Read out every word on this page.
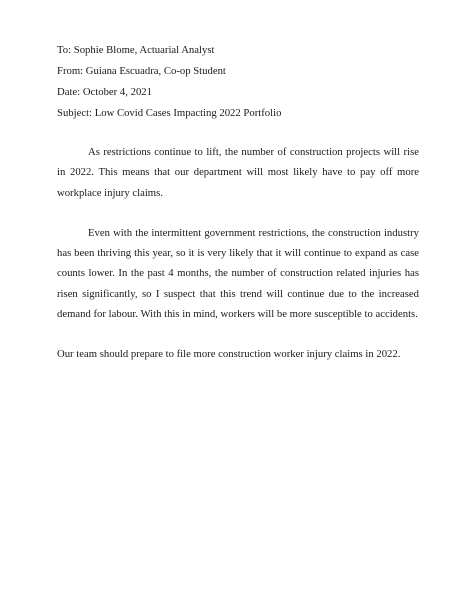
To: Sophie Blome, Actuarial Analyst

From: Guiana Escuadra, Co-op Student

Date: October 4, 2021

Subject: Low Covid Cases Impacting 2022 Portfolio

As restrictions continue to lift, the number of construction projects will rise in 2022. This means that our department will most likely have to pay off more workplace injury claims.

Even with the intermittent government restrictions, the construction industry has been thriving this year, so it is very likely that it will continue to expand as case counts lower. In the past 4 months, the number of construction related injuries has risen significantly, so I suspect that this trend will continue due to the increased demand for labour. With this in mind, workers will be more susceptible to accidents.

Our team should prepare to file more construction worker injury claims in 2022.
